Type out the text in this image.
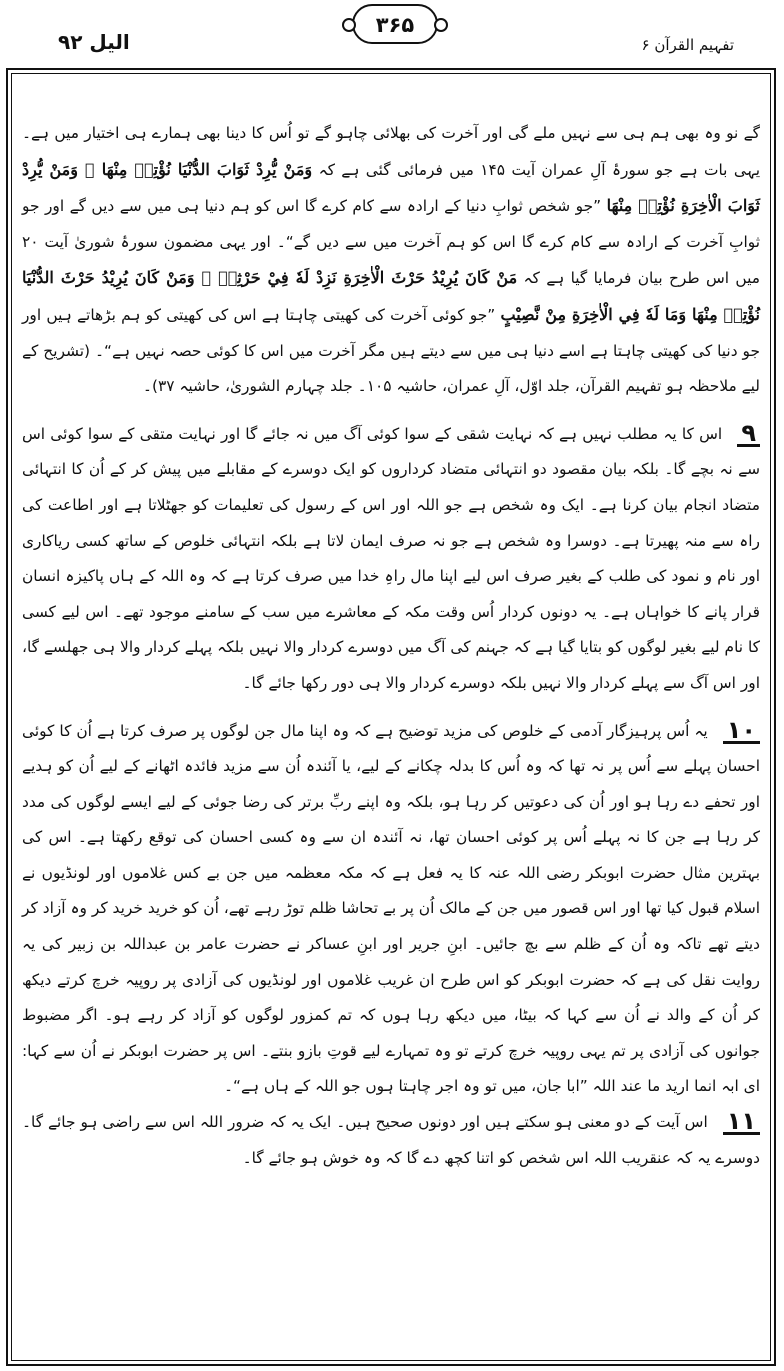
الیل ۹۲
۳۶۵
تفہیم القرآن ۶

گے نو وہ بھی ہم ہی سے نہیں ملے گی اور آخرت کی بھلائی چاہو گے تو اُس کا دینا بھی ہمارے ہی اختیار میں ہے۔ یہی بات ہے جو سورۂ آلِ عمران آیت ۱۴۵ میں فرمائی گئی ہے کہ وَمَنْ يُّرِدْ ثَوَابَ الدُّنْيَا نُؤْتِهٖ مِنْهَا ۚ وَمَنْ يُّرِدْ ثَوَابَ الْاٰخِرَةِ نُؤْتِهٖ مِنْهَا ”جو شخص ثوابِ دنیا کے ارادہ سے کام کرے گا اس کو ہم دنیا ہی میں سے دیں گے اور جو ثوابِ آخرت کے ارادہ سے کام کرے گا اس کو ہم آخرت میں سے دیں گے“۔ اور یہی مضمون سورۂ شوریٰ آیت ۲۰ میں اس طرح بیان فرمایا گیا ہے کہ مَنْ كَانَ يُرِيْدُ حَرْثَ الْاٰخِرَةِ نَزِدْ لَهٗ فِيْ حَرْثِهٖ ۚ وَمَنْ كَانَ يُرِيْدُ حَرْثَ الدُّنْيَا نُؤْتِهٖ مِنْهَا وَمَا لَهٗ فِي الْاٰخِرَةِ مِنْ نَّصِيْبٍ ”جو کوئی آخرت کی کھیتی چاہتا ہے اس کی کھیتی کو ہم بڑھاتے ہیں اور جو دنیا کی کھیتی چاہتا ہے اسے دنیا ہی میں سے دیتے ہیں مگر آخرت میں اس کا کوئی حصہ نہیں ہے“۔ (تشریح کے لیے ملاحظہ ہو تفہیم القرآن، جلد اوّل، آلِ عمران، حاشیہ ۱۰۵۔ جلد چہارم الشوریٰ، حاشیہ ۳۷)۔

۹ اس کا یہ مطلب نہیں ہے کہ نہایت شقی کے سوا کوئی آگ میں نہ جائے گا اور نہایت متقی کے سوا کوئی اس سے نہ بچے گا۔ بلکہ بیان مقصود دو انتہائی متضاد کرداروں کو ایک دوسرے کے مقابلے میں پیش کر کے اُن کا انتہائی متضاد انجام بیان کرنا ہے۔ ایک وہ شخص ہے جو اللہ اور اس کے رسول کی تعلیمات کو جھٹلاتا ہے اور اطاعت کی راہ سے منہ پھیرتا ہے۔ دوسرا وہ شخص ہے جو نہ صرف ایمان لاتا ہے بلکہ انتہائی خلوص کے ساتھ کسی ریاکاری اور نام و نمود کی طلب کے بغیر صرف اس لیے اپنا مال راہِ خدا میں صرف کرتا ہے کہ وہ اللہ کے ہاں پاکیزہ انسان قرار پانے کا خواہاں ہے۔ یہ دونوں کردار اُس وقت مکہ کے معاشرے میں سب کے سامنے موجود تھے۔ اس لیے کسی کا نام لیے بغیر لوگوں کو بتایا گیا ہے کہ جہنم کی آگ میں دوسرے کردار والا نہیں بلکہ پہلے کردار والا ہی جھلسے گا، اور اس آگ سے پہلے کردار والا نہیں بلکہ دوسرے کردار والا ہی دور رکھا جائے گا۔

۱۰ یہ اُس پرہیزگار آدمی کے خلوص کی مزید توضیح ہے کہ وہ اپنا مال جن لوگوں پر صرف کرتا ہے اُن کا کوئی احسان پہلے سے اُس پر نہ تھا کہ وہ اُس کا بدلہ چکانے کے لیے، یا آئندہ اُن سے مزید فائدہ اٹھانے کے لیے اُن کو ہدیے اور تحفے دے رہا ہو اور اُن کی دعوتیں کر رہا ہو، بلکہ وہ اپنے ربِّ برتر کی رضا جوئی کے لیے ایسے لوگوں کی مدد کر رہا ہے جن کا نہ پہلے اُس پر کوئی احسان تھا، نہ آئندہ ان سے وہ کسی احسان کی توقع رکھتا ہے۔ اس کی بہترین مثال حضرت ابوبکر رضی اللہ عنہ کا یہ فعل ہے کہ مکہ معظمہ میں جن بے کس غلاموں اور لونڈیوں نے اسلام قبول کیا تھا اور اس قصور میں جن کے مالک اُن پر بے تحاشا ظلم توڑ رہے تھے، اُن کو خرید خرید کر وہ آزاد کر دیتے تھے تاکہ وہ اُن کے ظلم سے بچ جائیں۔ ابنِ جریر اور ابنِ عساکر نے حضرت عامر بن عبداللہ بن زبیر کی یہ روایت نقل کی ہے کہ حضرت ابوبکر کو اس طرح ان غریب غلاموں اور لونڈیوں کی آزادی پر روپیہ خرچ کرتے دیکھ کر اُن کے والد نے اُن سے کہا کہ بیٹا، میں دیکھ رہا ہوں کہ تم کمزور لوگوں کو آزاد کر رہے ہو۔ اگر مضبوط جوانوں کی آزادی پر تم یہی روپیہ خرچ کرتے تو وہ تمہارے لیے قوتِ بازو بنتے۔ اس پر حضرت ابوبکر نے اُن سے کہا: ای ابہ انما ارید ما عند اللہ ”ابا جان، میں تو وہ اجر چاہتا ہوں جو اللہ کے ہاں ہے“۔

۱۱ اس آیت کے دو معنی ہو سکتے ہیں اور دونوں صحیح ہیں۔ ایک یہ کہ ضرور اللہ اس سے راضی ہو جائے گا۔ دوسرے یہ کہ عنقریب اللہ اس شخص کو اتنا کچھ دے گا کہ وہ خوش ہو جائے گا۔
